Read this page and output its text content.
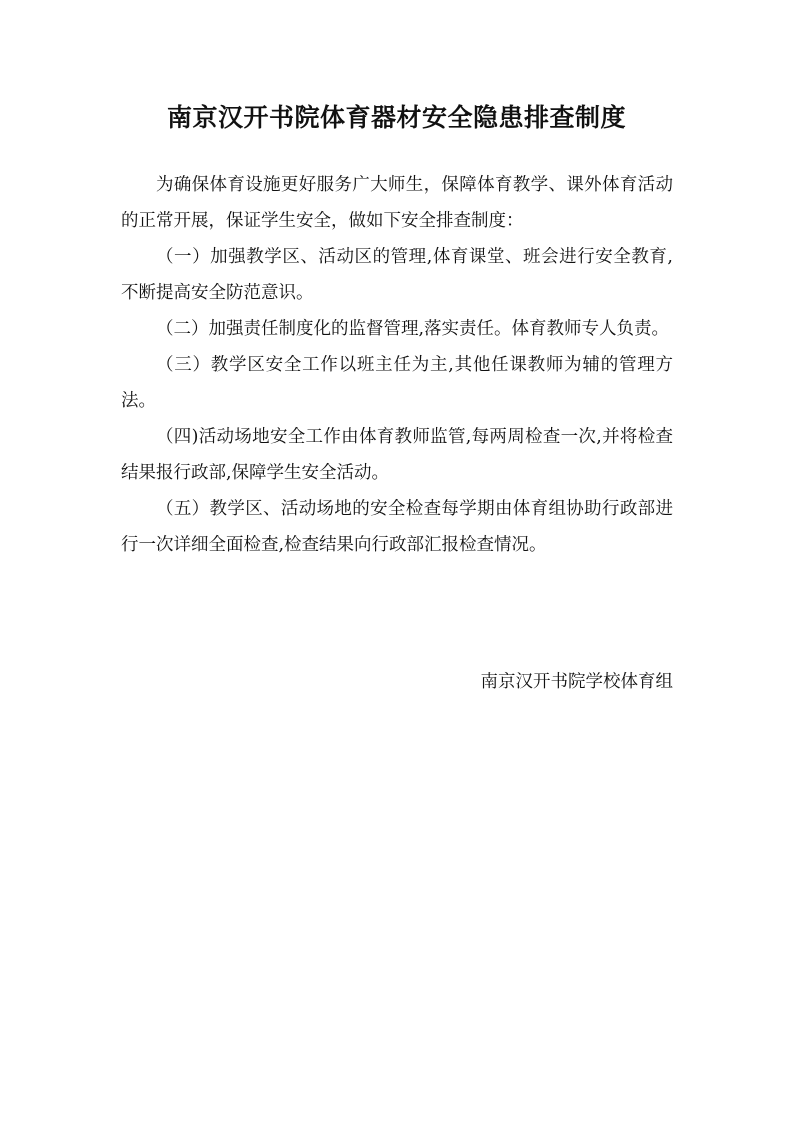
南京汉开书院体育器材安全隐患排查制度

为确保体育设施更好服务广大师生，保障体育教学、课外体育活动的正常开展，保证学生安全，做如下安全排查制度：

（一）加强教学区、活动区的管理,体育课堂、班会进行安全教育,不断提高安全防范意识。

（二）加强责任制度化的监督管理,落实责任。体育教师专人负责。

（三）教学区安全工作以班主任为主,其他任课教师为辅的管理方法。

（四)活动场地安全工作由体育教师监管,每两周检查一次,并将检查结果报行政部,保障学生安全活动。

（五）教学区、活动场地的安全检查每学期由体育组协助行政部进行一次详细全面检查,检查结果向行政部汇报检查情况。

南京汉开书院学校体育组
